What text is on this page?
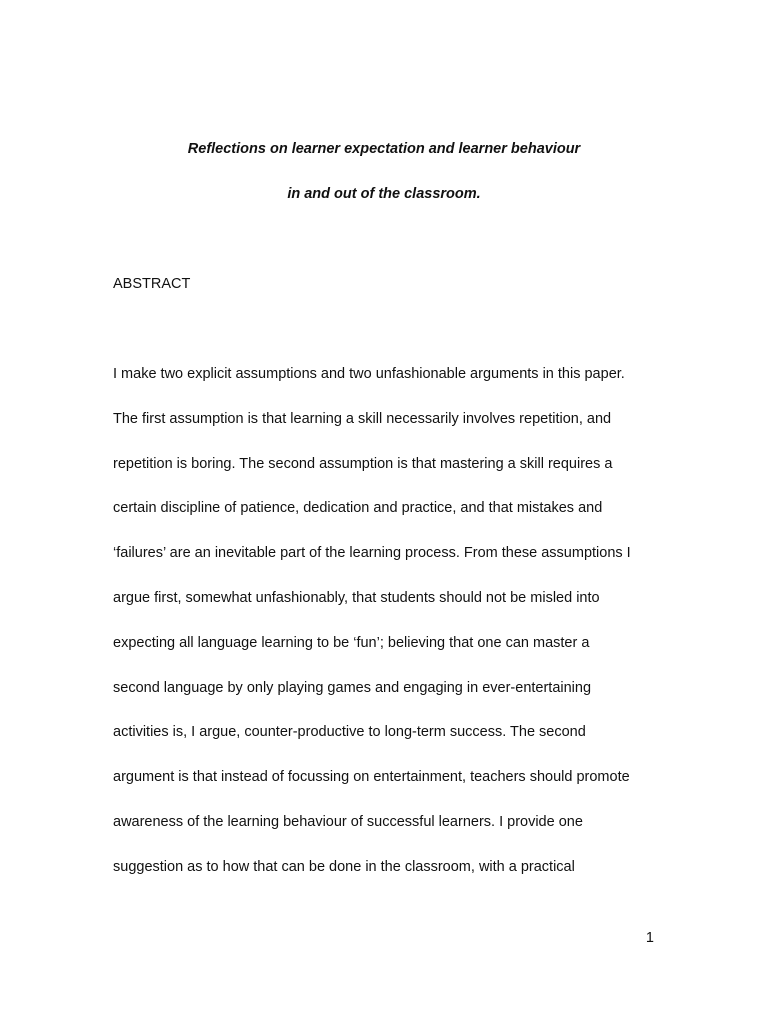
Reflections on learner expectation and learner behaviour
in and out of the classroom.
ABSTRACT
I make two explicit assumptions and two unfashionable arguments in this paper.
The first assumption is that learning a skill necessarily involves repetition, and
repetition is boring. The second assumption is that mastering a skill requires a
certain discipline of patience, dedication and practice, and that mistakes and
‘failures’ are an inevitable part of the learning process. From these assumptions I
argue first, somewhat unfashionably, that students should not be misled into
expecting all language learning to be ‘fun’; believing that one can master a
second language by only playing games and engaging in ever-entertaining
activities is, I argue, counter-productive to long-term success. The second
argument is that instead of focussing on entertainment, teachers should promote
awareness of the learning behaviour of successful learners. I provide one
suggestion as to how that can be done in the classroom, with a practical
1
